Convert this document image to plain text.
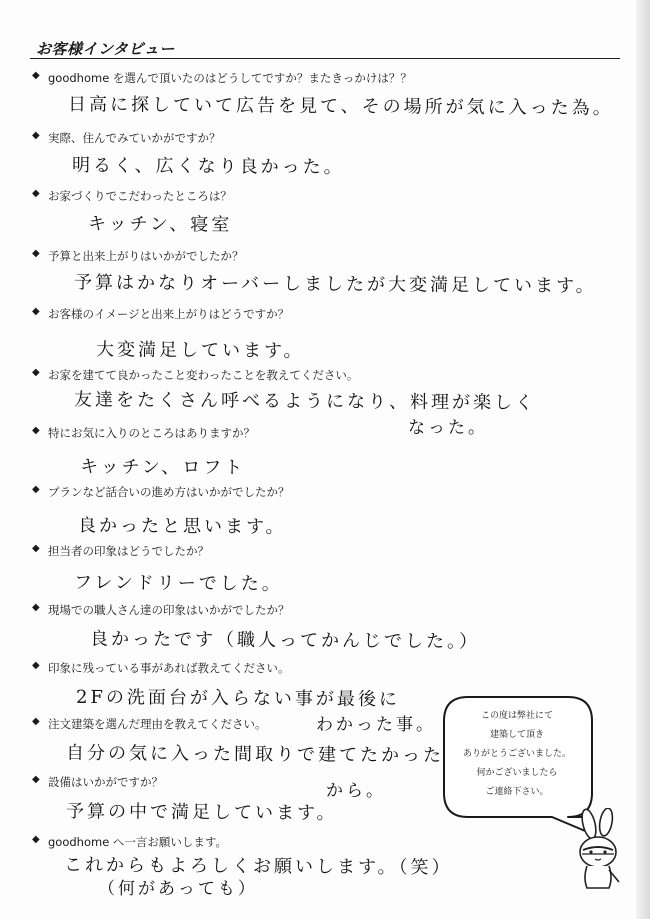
お客様インタビュー
◆ goodhome を選んで頂いたのはどうしてですか？またきっかけは？？
日高に探していて広告を見て、その場所が気に入った為。
◆ 実際、住んでみていかがですか？
明るく、広くなり良かった。
◆ お家づくりでこだわったところは？
キッチン、寝室
◆ 予算と出来上がりはいかがでしたか？
予算はかなりオーバーしましたが大変満足しています。
◆ お客様のイメージと出来上がりはどうですか？
大変満足しています。
◆ お家を建てて良かったこと変わったことを教えてください。
友達をたくさん呼べるようになり、料理が楽しく
なった。
◆ 特にお気に入りのところはありますか？
キッチン、ロフト
◆ プランなど話合いの進め方はいかがでしたか？
良かったと思います。
◆ 担当者の印象はどうでしたか？
フレンドリーでした。
◆ 現場での職人さん達の印象はいかがでしたか？
良かったです（職人ってかんじでした。）
◆ 印象に残っている事があれば教えてください。
2Fの洗面台が入らない事が最後に
わかった事。
◆ 注文建築を選んだ理由を教えてください。
自分の気に入った間取りで建てたかった
から。
◆ 設備はいかがですか？
予算の中で満足しています。
◆ goodhome へ一言お願いします。
これからもよろしくお願いします。（笑）
（何があっても）
この度は弊社にて
建築して頂き
ありがとうございました。
何かございましたら
ご連絡下さい。
